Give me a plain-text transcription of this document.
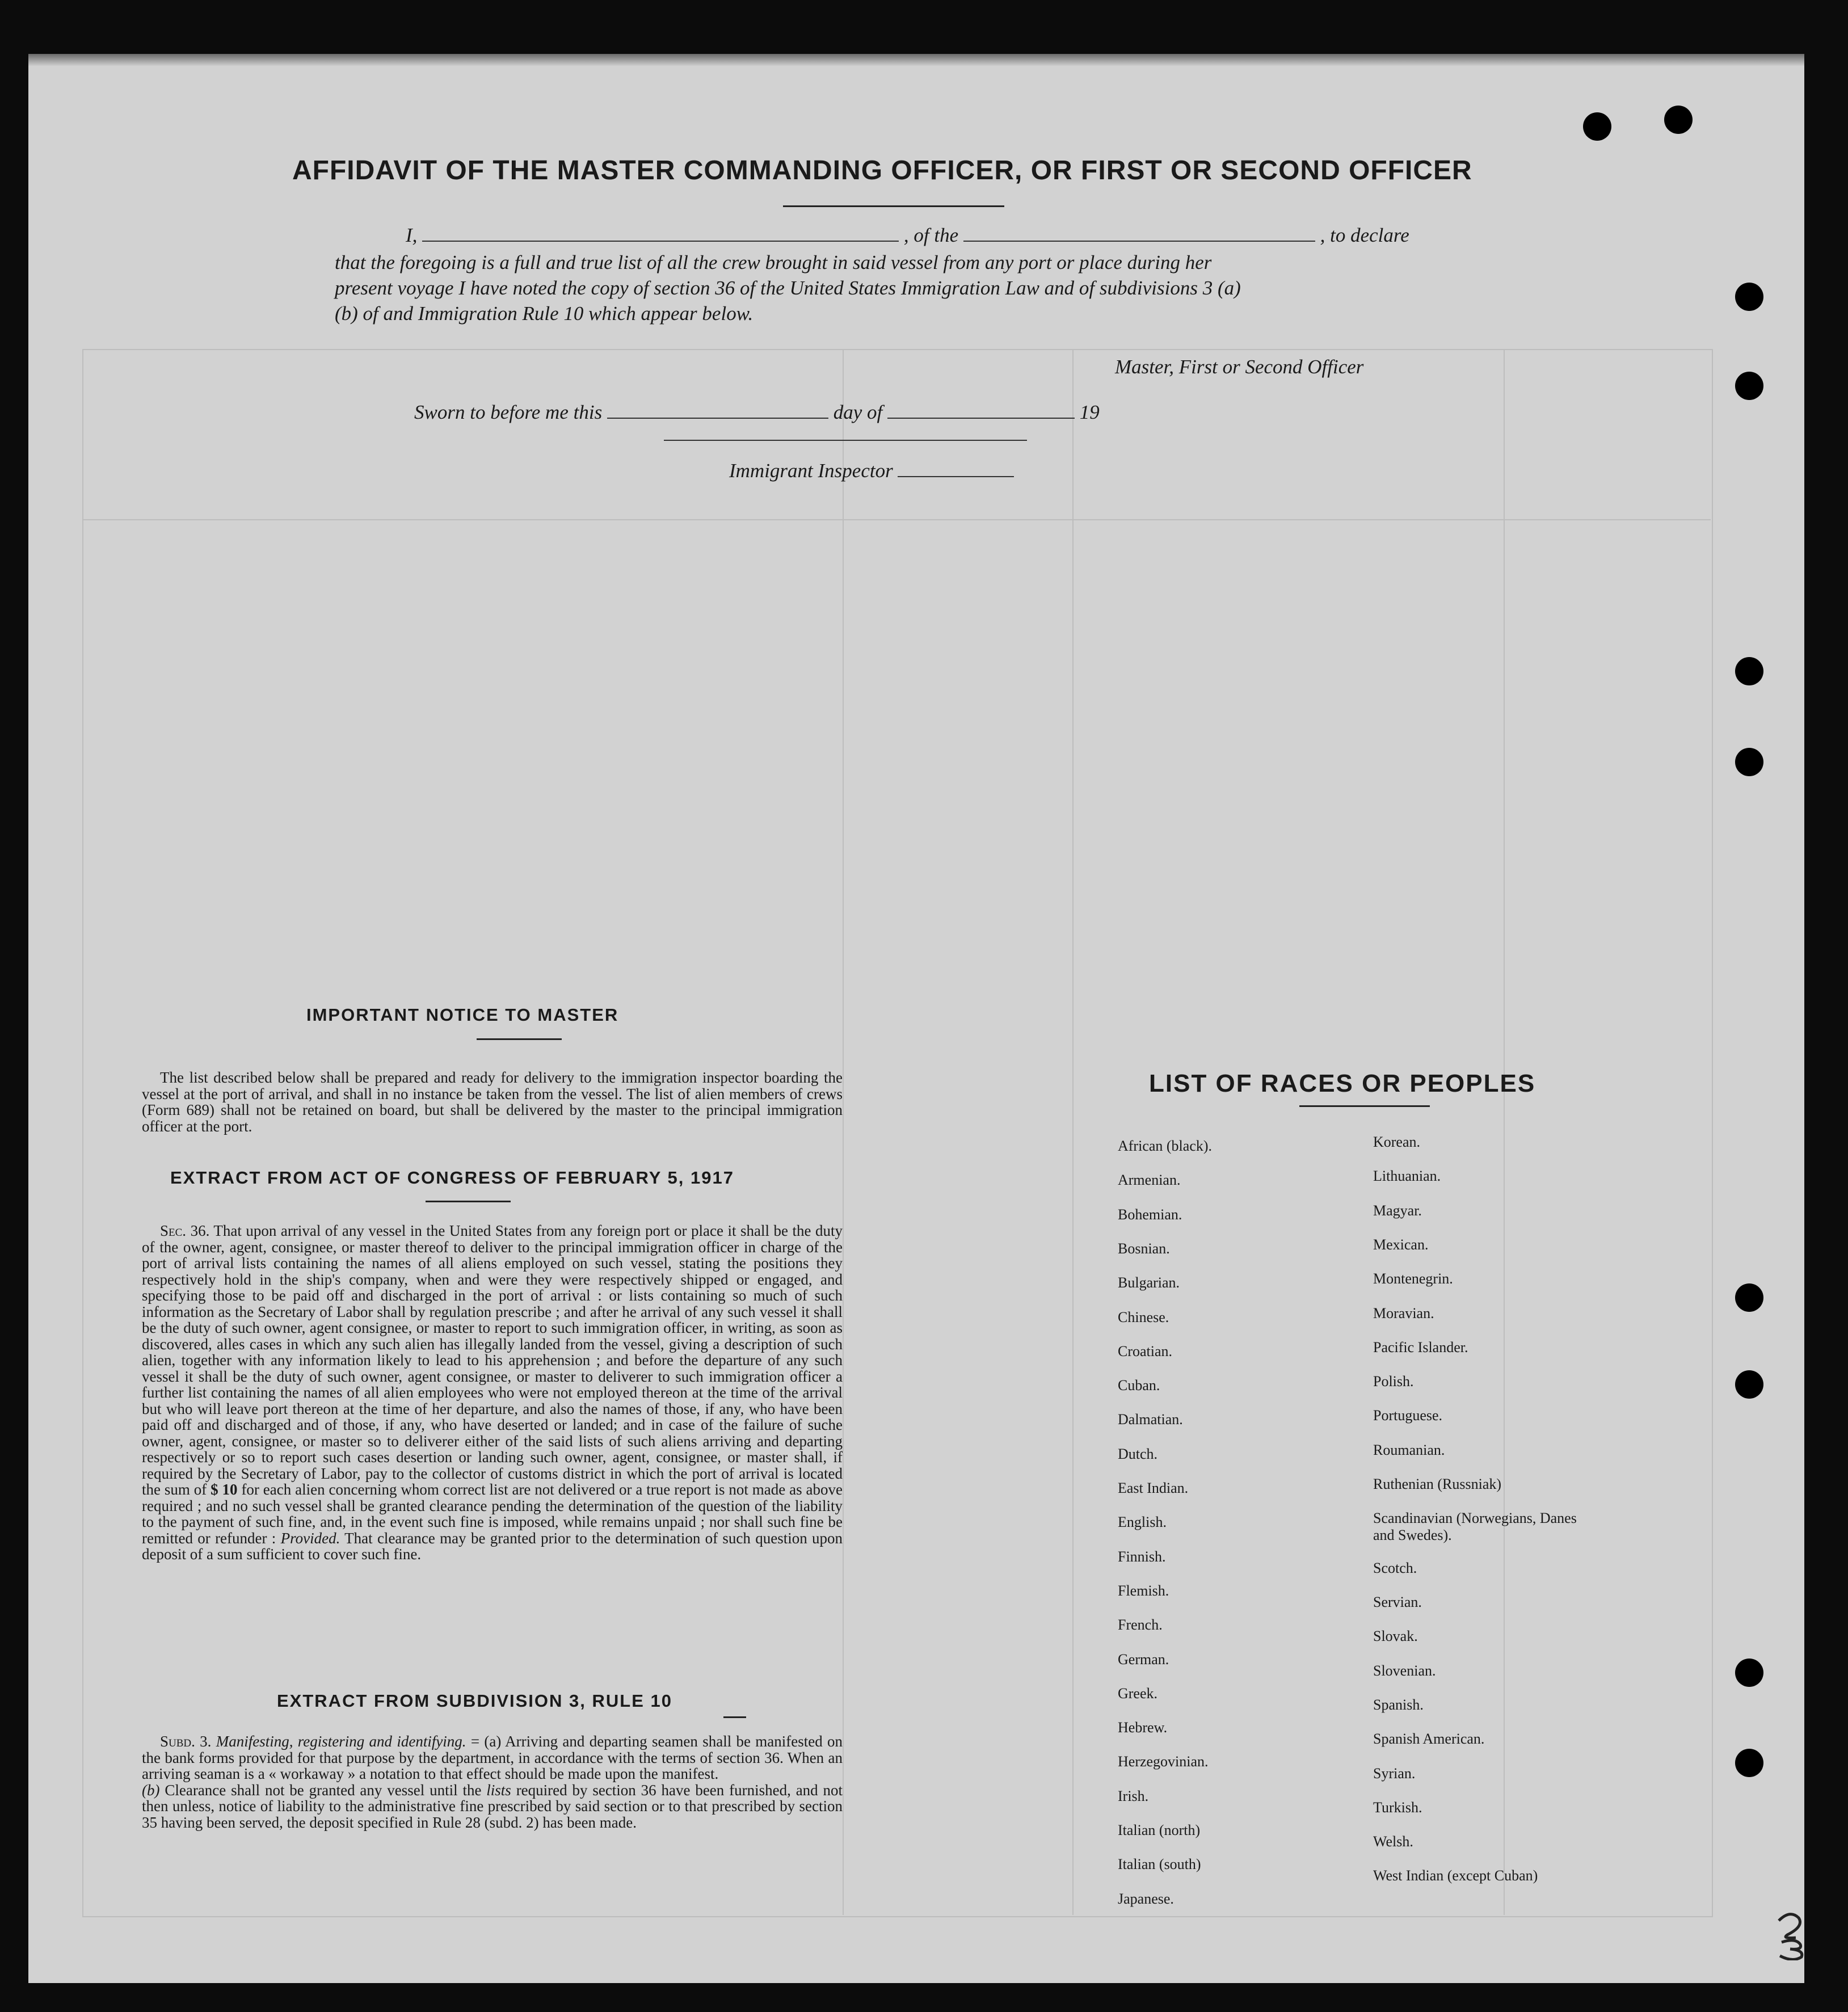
AFFIDAVIT OF THE MASTER COMMANDING OFFICER, OR FIRST OR SECOND OFFICER
I,	, of the	, to declare
that the foregoing is a full and true list of all the crew brought in said vessel from any port or place during her
present voyage I have noted the copy of section 36 of the United States Immigration Law and of subdivisions 3 (a)
(b) of and Immigration Rule 10 which appear below.
Master, First or Second Officer
Sworn to before me this	day of	19
Immigrant Inspector
IMPORTANT NOTICE TO MASTER
The list described below shall be prepared and ready for delivery to the immigration inspector boarding the vessel at the port of arrival, and shall in no instance be taken from the vessel. The list of alien members of crews (Form 689) shall not be retained on board, but shall be delivered by the master to the principal immigration officer at the port.
EXTRACT FROM ACT OF CONGRESS OF FEBRUARY 5, 1917
Sec. 36. That upon arrival of any vessel in the United States from any foreign port or place it shall be the duty of the owner, agent, consignee, or master thereof to deliver to the principal immigration officer in charge of the port of arrival lists containing the names of all aliens employed on such vessel, stating the positions they respectively hold in the ship's company, when and were they were respectively shipped or engaged, and specifying those to be paid off and discharged in the port of arrival : or lists containing so much of such information as the Secretary of Labor shall by regulation prescribe ; and after he arrival of any such vessel it shall be the duty of such owner, agent consignee, or master to report to such immigration officer, in writing, as soon as discovered, alles cases in which any such alien has illegally landed from the vessel, giving a description of such alien, together with any information likely to lead to his apprehension ; and before the departure of any such vessel it shall be the duty of such owner, agent consignee, or master to deliverer to such immigration officer a further list containing the names of all alien employees who were not employed thereon at the time of the arrival but who will leave port thereon at the time of her departure, and also the names of those, if any, who have been paid off and discharged and of those, if any, who have deserted or landed; and in case of the failure of suche owner, agent, consignee, or master so to deliverer either of the said lists of such aliens arriving and departing respectively or so to report such cases desertion or landing such owner, agent, consignee, or master shall, if required by the Secretary of Labor, pay to the collector of customs district in which the port of arrival is located the sum of $ 10 for each alien concerning whom correct list are not delivered or a true report is not made as above required ; and no such vessel shall be granted clearance pending the determination of the question of the liability to the payment of such fine, and, in the event such fine is imposed, while remains unpaid ; nor shall such fine be remitted or refunder : Provided. That clearance may be granted prior to the determination of such question upon deposit of a sum sufficient to cover such fine.
EXTRACT FROM SUBDIVISION 3, RULE 10
Subd. 3. Manifesting, registering and identifying. = (a) Arriving and departing seamen shall be manifested on the bank forms provided for that purpose by the department, in accordance with the terms of section 36. When an arriving seaman is a « workaway » a notation to that effect should be made upon the manifest.
(b) Clearance shall not be granted any vessel until the lists required by section 36 have been furnished, and not then unless, notice of liability to the administrative fine prescribed by said section or to that prescribed by section 35 having been served, the deposit specified in Rule 28 (subd. 2) has been made.
LIST OF RACES OR PEOPLES
African (black).
Armenian.
Bohemian.
Bosnian.
Bulgarian.
Chinese.
Croatian.
Cuban.
Dalmatian.
Dutch.
East Indian.
English.
Finnish.
Flemish.
French.
German.
Greek.
Hebrew.
Herzegovinian.
Irish.
Italian (north)
Italian (south)
Japanese.
Korean.
Lithuanian.
Magyar.
Mexican.
Montenegrin.
Moravian.
Pacific Islander.
Polish.
Portuguese.
Roumanian.
Ruthenian (Russniak)
Scandinavian (Norwegians, Danes and Swedes).
Scotch.
Servian.
Slovak.
Slovenian.
Spanish.
Spanish American.
Syrian.
Turkish.
Welsh.
West Indian (except Cuban)
